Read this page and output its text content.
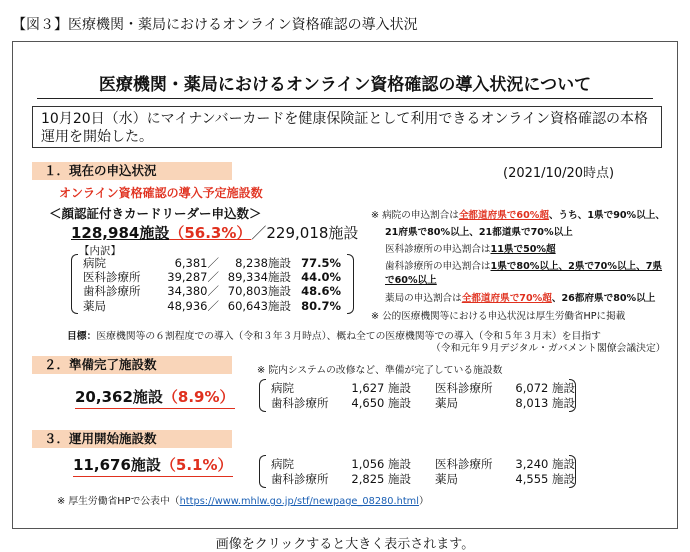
【図３】医療機関・薬局におけるオンライン資格確認の導入状況
医療機関・薬局におけるオンライン資格確認の導入状況について
10月20日（水）にマイナンバーカードを健康保険証として利用できるオンライン資格確認の本格運用を開始した。
１．現在の申込状況	(2021/10/20時点)
オンライン資格確認の導入予定施設数
＜顔認証付きカードリーダー申込数＞
128,984施設（56.3%）／229,018施設
【内訳】
病院	6,381／	8,238施設	77.5%
医科診療所	39,287／	89,334施設	44.0%
歯科診療所	34,380／	70,803施設	48.6%
薬局	48,936／	60,643施設	80.7%
※ 病院の申込割合は全都道府県で60%超、うち、1県で90%以上、
21府県で80%以上、21都道県で70%以上
医科診療所の申込割合は11県で50%超
歯科診療所の申込割合は1県で80%以上、2県で70%以上、7県
で60%以上
薬局の申込割合は全都道府県で70%超、26都府県で80%以上
※ 公的医療機関等における申込状況は厚生労働省HPに掲載
目標：医療機関等の６割程度での導入（令和３年３月時点）、概ね全ての医療機関等での導入（令和５年３月末）を目指す
（令和元年９月デジタル・ガバメント閣僚会議決定）
２．準備完了施設数	※ 院内システムの改修など、準備が完了している施設数
20,362施設（8.9%）	病院	1,627 施設		医科診療所	6,072 施設
歯科診療所	4,650 施設		薬局	8,013 施設
３．運用開始施設数
11,676施設（5.1%）	病院	1,056 施設		医科診療所	3,240 施設
歯科診療所	2,825 施設		薬局	4,555 施設
※ 厚生労働省HPで公表中（https://www.mhlw.go.jp/stf/newpage_08280.html）
画像をクリックすると大きく表示されます。
